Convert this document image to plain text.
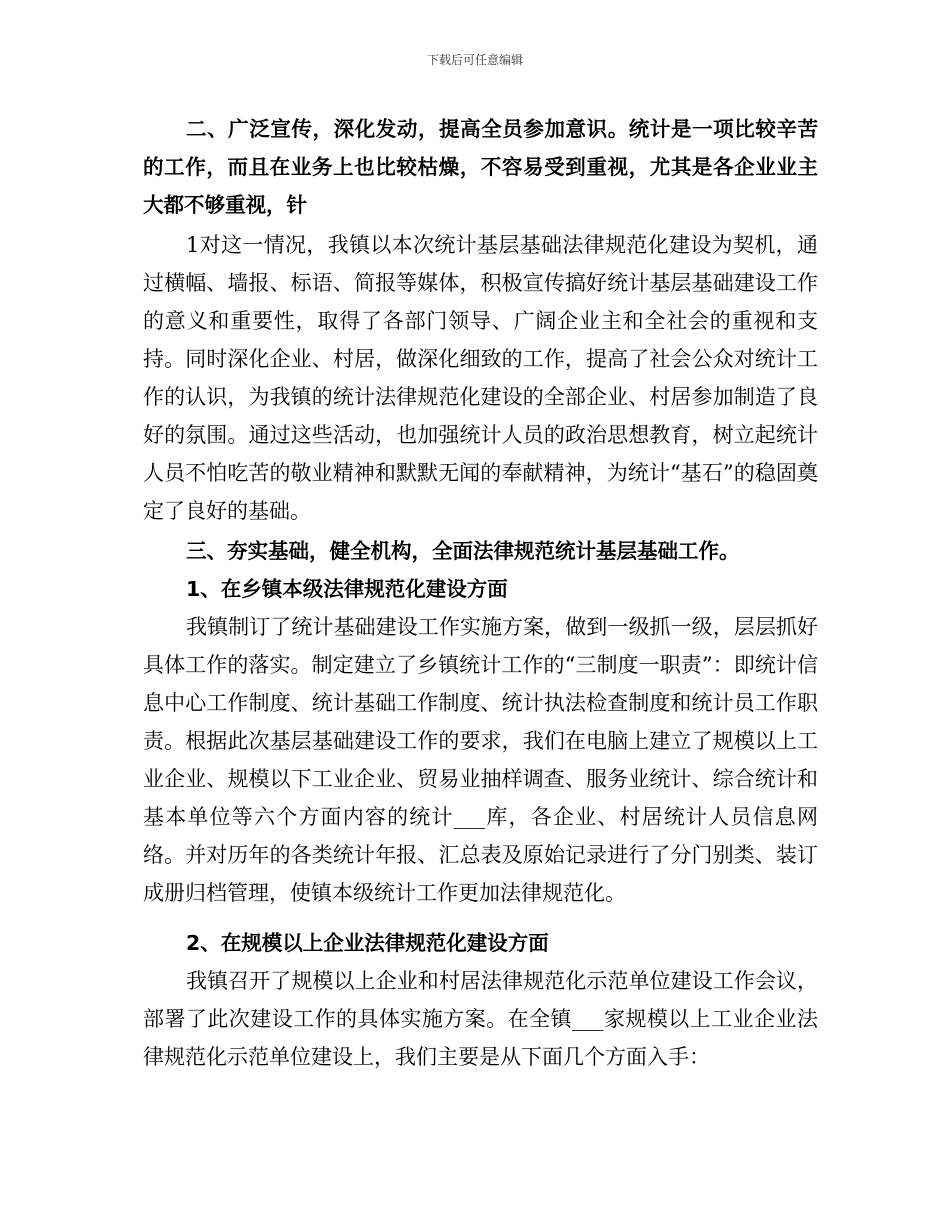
下载后可任意编辑

二、广泛宣传，深化发动，提高全员参加意识。统计是一项比较辛苦的工作，而且在业务上也比较枯燥，不容易受到重视，尤其是各企业业主大都不够重视，针

1对这一情况，我镇以本次统计基层基础法律规范化建设为契机，通过横幅、墙报、标语、简报等媒体，积极宣传搞好统计基层基础建设工作的意义和重要性，取得了各部门领导、广阔企业主和全社会的重视和支持。同时深化企业、村居，做深化细致的工作，提高了社会公众对统计工作的认识，为我镇的统计法律规范化建设的全部企业、村居参加制造了良好的氛围。通过这些活动，也加强统计人员的政治思想教育，树立起统计人员不怕吃苦的敬业精神和默默无闻的奉献精神，为统计“基石”的稳固奠定了良好的基础。

三、夯实基础，健全机构，全面法律规范统计基层基础工作。

1、在乡镇本级法律规范化建设方面

我镇制订了统计基础建设工作实施方案，做到一级抓一级，层层抓好具体工作的落实。制定建立了乡镇统计工作的“三制度一职责”：即统计信息中心工作制度、统计基础工作制度、统计执法检查制度和统计员工作职责。根据此次基层基础建设工作的要求，我们在电脑上建立了规模以上工业企业、规模以下工业企业、贸易业抽样调查、服务业统计、综合统计和基本单位等六个方面内容的统计___库，各企业、村居统计人员信息网络。并对历年的各类统计年报、汇总表及原始记录进行了分门别类、装订成册归档管理，使镇本级统计工作更加法律规范化。

2、在规模以上企业法律规范化建设方面

我镇召开了规模以上企业和村居法律规范化示范单位建设工作会议，部署了此次建设工作的具体实施方案。在全镇___家规模以上工业企业法律规范化示范单位建设上，我们主要是从下面几个方面入手：
